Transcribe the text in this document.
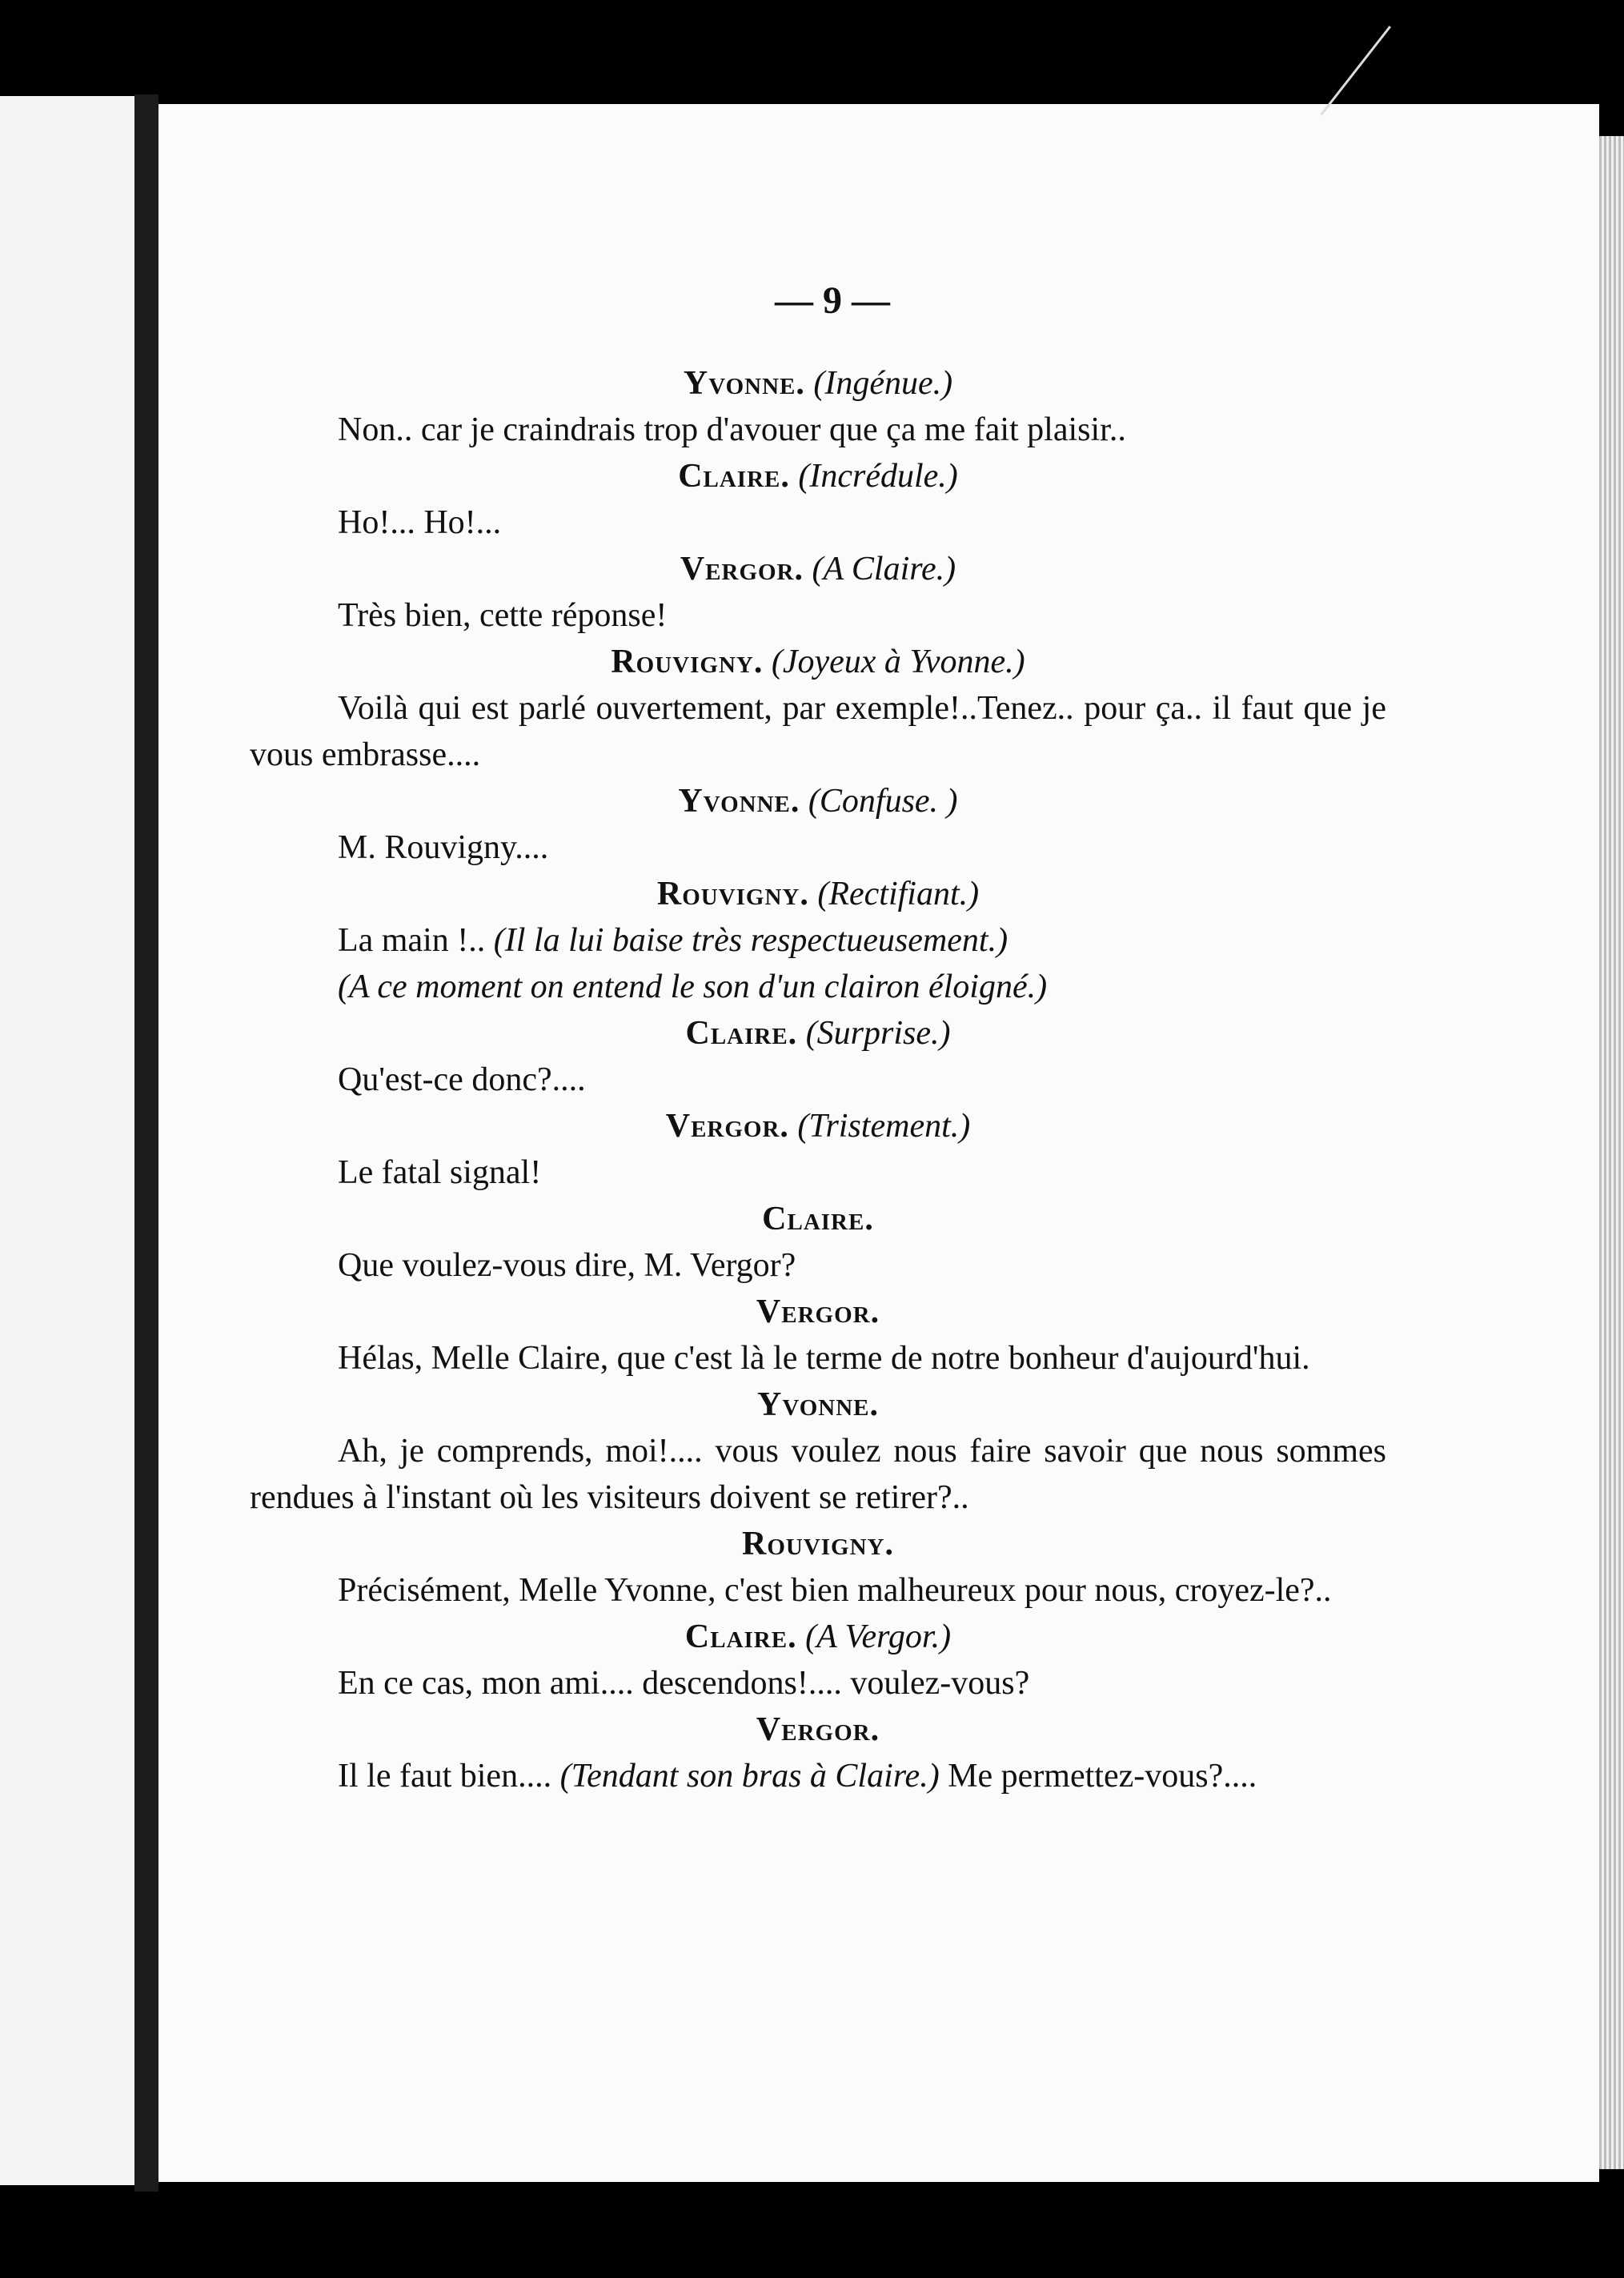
— 9 —
Yvonne. (Ingénue.)
Non.. car je craindrais trop d'avouer que ça me fait plaisir..
Claire. (Incrédule.)
Ho!... Ho!...
Vergor. (A Claire.)
Très bien, cette réponse!
Rouvigny. (Joyeux à Yvonne.)
Voilà qui est parlé ouvertement, par exemple!..Tenez.. pour ça.. il faut que je vous embrasse....
Yvonne. (Confuse. )
M. Rouvigny....
Rouvigny. (Rectifiant.)
La main !.. (Il la lui baise très respectueusement.)
(A ce moment on entend le son d'un clairon éloigné.)
Claire. (Surprise.)
Qu'est-ce donc?....
Vergor. (Tristement.)
Le fatal signal!
Claire.
Que voulez-vous dire, M. Vergor?
Vergor.
Hélas, Melle Claire, que c'est là le terme de notre bonheur d'aujourd'hui.
Yvonne.
Ah, je comprends, moi!.... vous voulez nous faire savoir que nous sommes rendues à l'instant où les visiteurs doivent se retirer?..
Rouvigny.
Précisément, Melle Yvonne, c'est bien malheureux pour nous, croyez-le?..
Claire. (A Vergor.)
En ce cas, mon ami.... descendons!.... voulez-vous?
Vergor.
Il le faut bien.... (Tendant son bras à Claire.) Me permettez-vous?....
